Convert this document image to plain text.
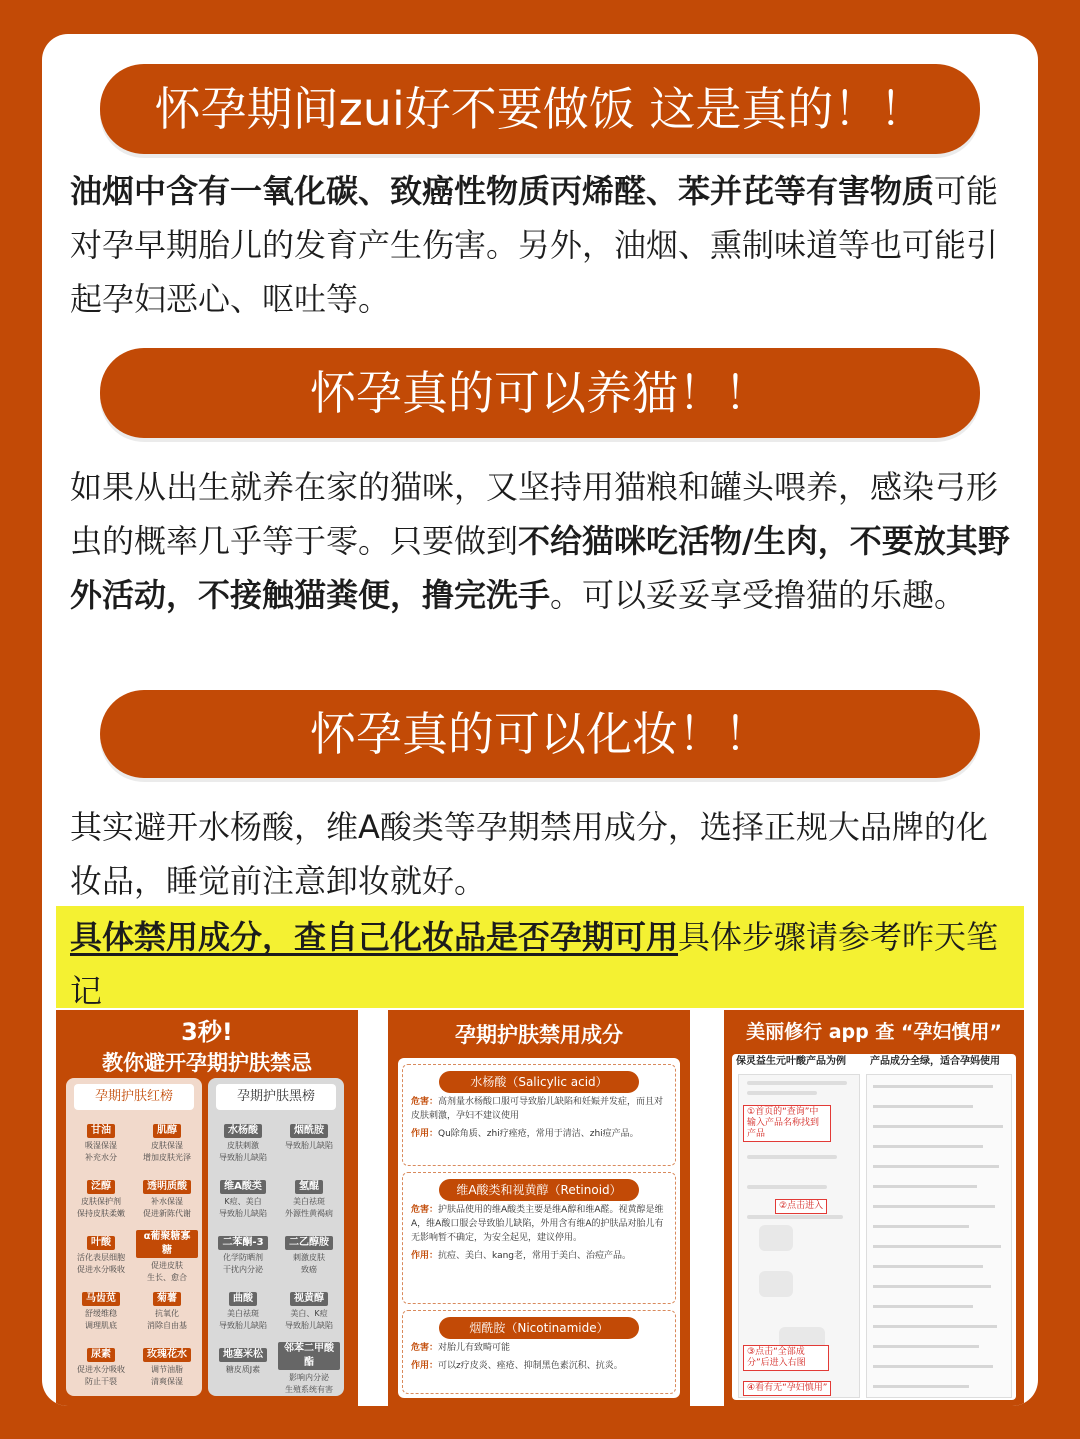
怀孕期间zui好不要做饭 这是真的！！
油烟中含有一氧化碳、致癌性物质丙烯醛、苯并芘等有害物质可能对孕早期胎儿的发育产生伤害。另外，油烟、熏制味道等也可能引起孕妇恶心、呕吐等。
怀孕真的可以养猫！！
如果从出生就养在家的猫咪，又坚持用猫粮和罐头喂养，感染弓形虫的概率几乎等于零。只要做到不给猫咪吃活物/生肉，不要放其野外活动，不接触猫粪便，撸完洗手。可以妥妥享受撸猫的乐趣。
怀孕真的可以化妆！！
其实避开水杨酸，维A酸类等孕期禁用成分，选择正规大品牌的化妆品，睡觉前注意卸妆就好。
具体禁用成分，查自己化妆品是否孕期可用具体步骤请参考昨天笔记
3秒!
教你避开孕期护肤禁忌
孕期护肤红榜
甘油
吸湿保湿
补充水分
肌醇
皮肤保湿
增加皮肤光泽
泛醇
皮肤保护剂
保持皮肤柔嫩
透明质酸
补水保湿
促进新陈代谢
叶酸
活化表层细胞
促进水分吸收
α葡聚糖寡糖
促进皮肤
生长、愈合
马齿苋
舒缓维稳
调理肌底
菊薯
抗氧化
消除自由基
尿素
促进水分吸收
防止干裂
玫瑰花水
调节油脂
清爽保湿
孕期护肤黑榜
水杨酸
皮肤刺激
导致胎儿缺陷
烟酰胺
导致胎儿缺陷
维A酸类
K痘、美白
导致胎儿缺陷
氢醌
美白祛斑
外源性黄褐病
二苯酮-3
化学防晒剂
干扰内分泌
二乙醇胺
刺激皮肤
致癌
曲酸
美白祛斑
导致胎儿缺陷
视黄醇
美白、K痘
导致胎儿缺陷
地塞米松
糖皮质J素
邻苯二甲酸酯
影响内分泌
生殖系统有害
孕期护肤禁用成分
水杨酸（Salicylic acid）
危害：高剂量水杨酸口服可导致胎儿缺陷和妊娠并发症，而且对皮肤刺激，孕妇不建议使用
作用：Qu除角质、zhi疗痤疮，常用于清洁、zhi痘产品。
维A酸类和视黄醇（Retinoid）
危害：护肤品使用的维A酸类主要是维A醇和维A醛。视黄醇是维A，维A酸口服会导致胎儿缺陷，外用含有维A的护肤品对胎儿有无影响暂不确定，为安全起见，建议停用。
作用：抗痘、美白、kang老，常用于美白、治痘产品。
烟酰胺（Nicotinamide）
危害：对胎儿有致畸可能
作用：可以z疗皮炎、痤疮、抑制黑色素沉积、抗炎。
美丽修行 app 查 “孕妇慎用”
保灵益生元叶酸产品为例 产品成分全绿，适合孕妈使用
①首页的“查询”中输入产品名称找到产品
②点击进入
③点击“全部成分”后进入右图
④看有无“孕妇慎用”
